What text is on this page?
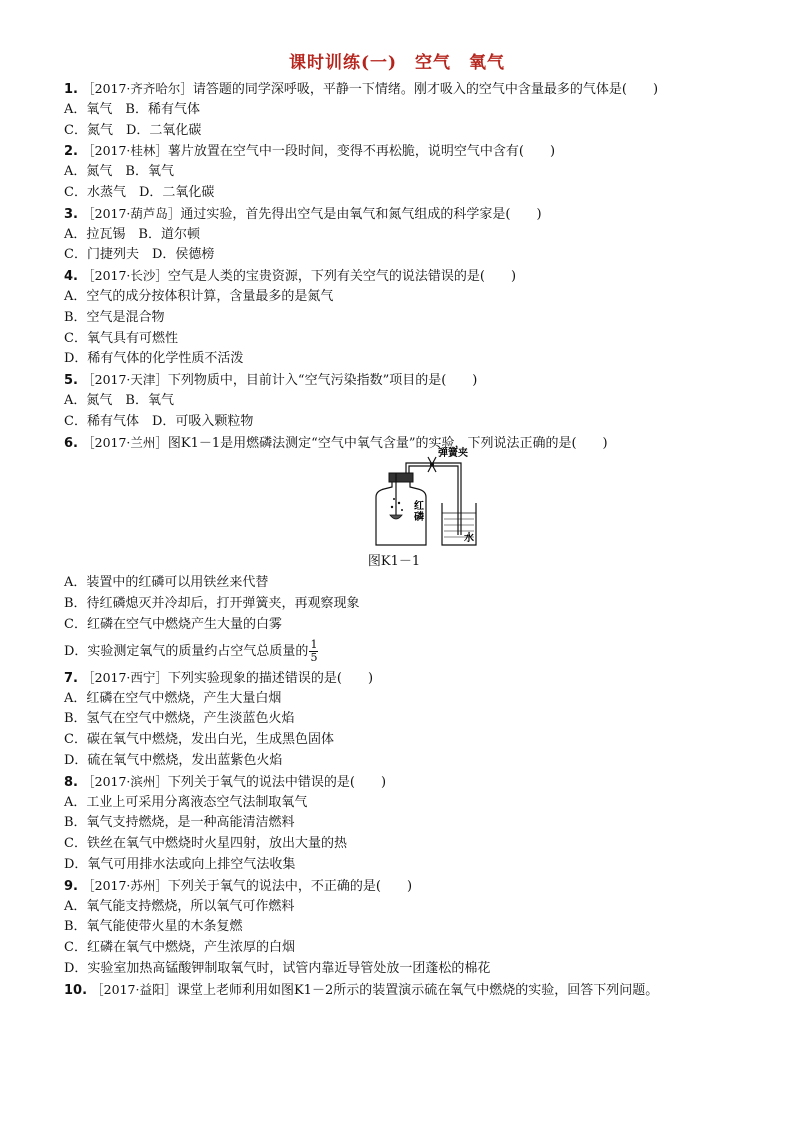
课时训练(一)　空气　氧气
1. ［2017·齐齐哈尔］请答题的同学深呼吸，平静一下情绪。刚才吸入的空气中含量最多的气体是(　　)
A．氧气　B．稀有气体
C．氮气　D．二氧化碳
2. ［2017·桂林］薯片放置在空气中一段时间，变得不再松脆，说明空气中含有(　　)
A．氮气　B．氧气
C．水蒸气　D．二氧化碳
3. ［2017·葫芦岛］通过实验，首先得出空气是由氧气和氮气组成的科学家是(　　)
A．拉瓦锡　B．道尔顿
C．门捷列夫　D．侯德榜
4. ［2017·长沙］空气是人类的宝贵资源，下列有关空气的说法错误的是(　　)
A．空气的成分按体积计算，含量最多的是氮气
B．空气是混合物
C．氧气具有可燃性
D．稀有气体的化学性质不活泼
5. ［2017·天津］下列物质中，目前计入“空气污染指数”项目的是(　　)
A．氮气　B．氧气
C．稀有气体　D．可吸入颗粒物
6. ［2017·兰州］图K1－1是用燃磷法测定“空气中氧气含量”的实验，下列说法正确的是(　　)
弹簧夹
红
磷
水
图K1－1
A．装置中的红磷可以用铁丝来代替
B．待红磷熄灭并冷却后，打开弹簧夹，再观察现象
C．红磷在空气中燃烧产生大量的白雾
D．实验测定氧气的质量约占空气总质量的 $\frac{1}{5}$
7. ［2017·西宁］下列实验现象的描述错误的是(　　)
A．红磷在空气中燃烧，产生大量白烟
B．氢气在空气中燃烧，产生淡蓝色火焰
C．碳在氧气中燃烧，发出白光，生成黑色固体
D．硫在氧气中燃烧，发出蓝紫色火焰
8. ［2017·滨州］下列关于氧气的说法中错误的是(　　)
A．工业上可采用分离液态空气法制取氧气
B．氧气支持燃烧，是一种高能清洁燃料
C．铁丝在氧气中燃烧时火星四射，放出大量的热
D．氧气可用排水法或向上排空气法收集
9. ［2017·苏州］下列关于氧气的说法中，不正确的是(　　)
A．氧气能支持燃烧，所以氧气可作燃料
B．氧气能使带火星的木条复燃
C．红磷在氧气中燃烧，产生浓厚的白烟
D．实验室加热高锰酸钾制取氧气时，试管内靠近导管处放一团蓬松的棉花
10. ［2017·益阳］课堂上老师利用如图K1－2所示的装置演示硫在氧气中燃烧的实验，回答下列问题。
